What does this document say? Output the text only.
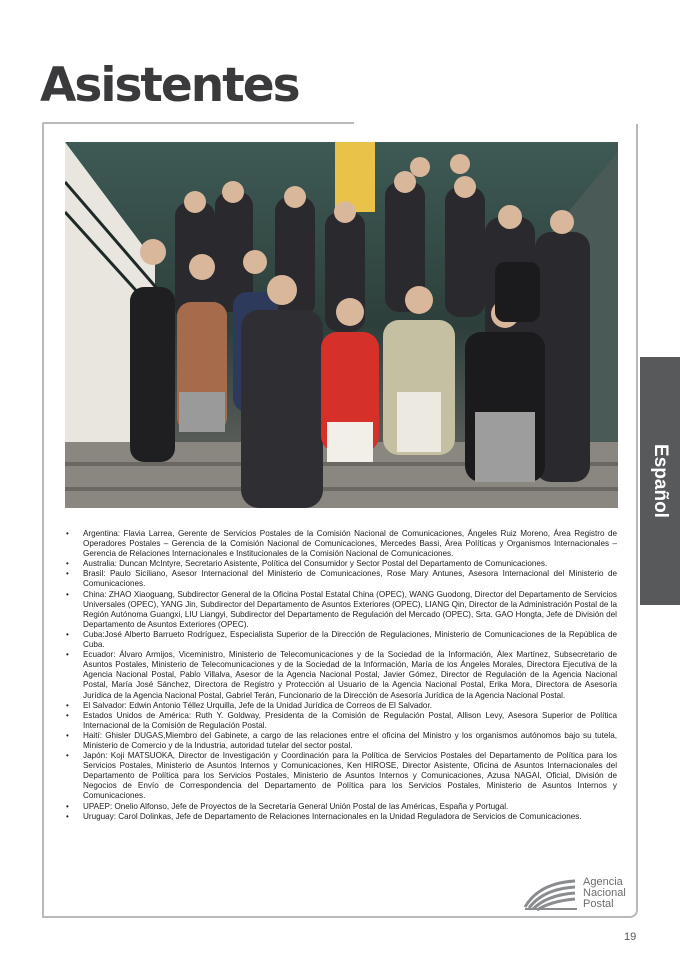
Asistentes
Español
• Argentina: Flavia Larrea, Gerente de Servicios Postales de la Comisión Nacional de Comunicaciones, Ángeles Ruiz Moreno, Área Registro de Operadores Postales – Gerencia de la Comisión Nacional de Comunicaciones, Mercedes Bassi, Área Políticas y Organismos Internacionales – Gerencia de Relaciones Internacionales e Institucionales de la Comisión Nacional de Comunicaciones.
• Australia: Duncan McIntyre, Secretario Asistente, Política del Consumidor y Sector Postal del Departamento de Comunicaciones.
• Brasil: Paulo Siciliano, Asesor Internacional del Ministerio de Comunicaciones, Rose Mary Antunes, Asesora Internacional del Ministerio de Comunicaciones.
• China: ZHAO Xiaoguang, Subdirector General de la Oficina Postal Estatal China (OPEC), WANG Guodong, Director del Departamento de Servicios Universales (OPEC), YANG Jin, Subdirector del Departamento de Asuntos Exteriores (OPEC), LIANG Qin, Director de la Administración Postal de la Región Autónoma Guangxi, LIU Liangyi, Subdirector del Departamento de Regulación del Mercado (OPEC), Srta. GAO Hongta, Jefe de División del Departamento de Asuntos Exteriores (OPEC).
• Cuba:José Alberto Barrueto Rodríguez, Especialista Superior de la Dirección de Regulaciones, Ministerio de Comunicaciones de la República de Cuba.
• Ecuador: Álvaro Armijos, Viceministro, Ministerio de Telecomunicaciones y de la Sociedad de la Información, Álex Martínez, Subsecretario de Asuntos Postales, Ministerio de Telecomunicaciones y de la Sociedad de la Información, María de los Ángeles Morales, Directora Ejecutiva de la Agencia Nacional Postal, Pablo Villalva, Asesor de la Agencia Nacional Postal, Javier Gómez, Director de Regulación de la Agencia Nacional Postal, María José Sánchez, Directora de Registro y Protección al Usuario de la Agencia Nacional Postal, Erika Mora, Directora de Asesoría Jurídica de la Agencia Nacional Postal, Gabriel Terán, Funcionario de la Dirección de Asesoría Jurídica de la Agencia Nacional Postal.
• El Salvador: Edwin Antonio Téllez Urquilla, Jefe de la Unidad Jurídica de Correos de El Salvador.
• Estados Unidos de América: Ruth Y. Goldway, Presidenta de la Comisión de Regulación Postal, Allison Levy, Asesora Superior de Política Internacional de la Comisión de Regulación Postal.
• Haití: Ghisler DUGAS,Miembro del Gabinete, a cargo de las relaciones entre el oficina del Ministro y los organismos autónomos bajo su tutela, Ministerio de Comercio y de la Industria, autoridad tutelar del sector postal.
• Japón: Koji MATSUOKA, Director de Investigación y Coordinación para la Política de Servicios Postales del Departamento de Política para los Servicios Postales, Ministerio de Asuntos Internos y Comunicaciones, Ken HIROSE, Director Asistente, Oficina de Asuntos Internacionales del Departamento de Política para los Servicios Postales, Ministerio de Asuntos Internos y Comunicaciones, Azusa NAGAI, Oficial, División de Negocios de Envío de Correspondencia del Departamento de Política para los Servicios Postales, Ministerio de Asuntos Internos y Comunicaciones.
• UPAEP: Onelio Alfonso, Jefe de Proyectos de la Secretaría General Unión Postal de las Américas, España y Portugal.
• Uruguay: Carol Dolinkas, Jefe de Departamento de Relaciones Internacionales en la Unidad Reguladora de Servicios de Comunicaciones.
Agencia
Nacional
Postal
19
